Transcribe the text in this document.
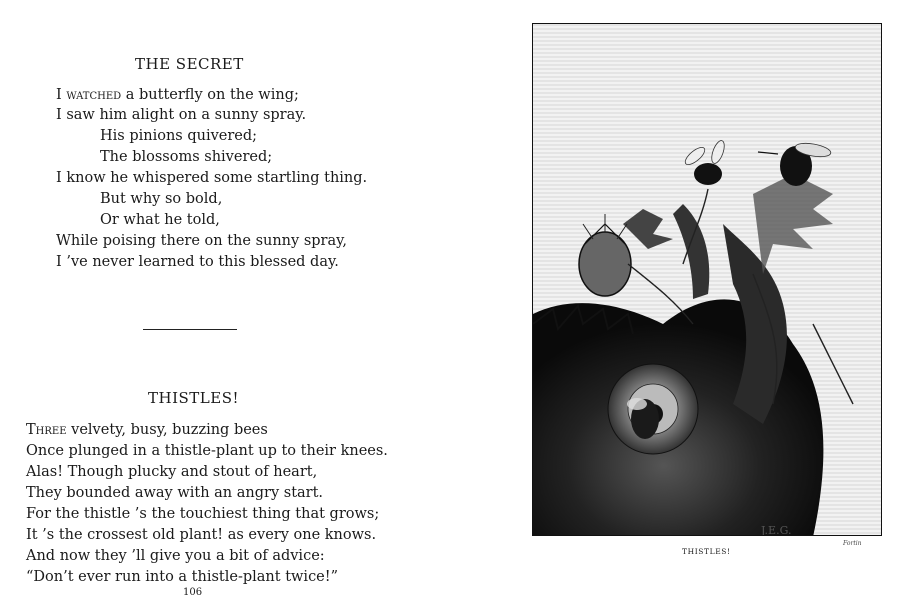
THE SECRET
I watched a butterfly on the wing;
I saw him alight on a sunny spray.
His pinions quivered;
The blossoms shivered;
I know he whispered some startling thing.
But why so bold,
Or what he told,
While poising there on the sunny spray,
I ’ve never learned to this blessed day.
THISTLES!
Three velvety, busy, buzzing bees
Once plunged in a thistle-plant up to their knees.
Alas! Though plucky and stout of heart,
They bounded away with an angry start.
For the thistle ’s the touchiest thing that grows;
It ’s the crossest old plant! as every one knows.
And now they ’ll give you a bit of advice:
“Don’t ever run into a thistle-plant twice!”
106
J.E.G.
THISTLES!
Fortin
